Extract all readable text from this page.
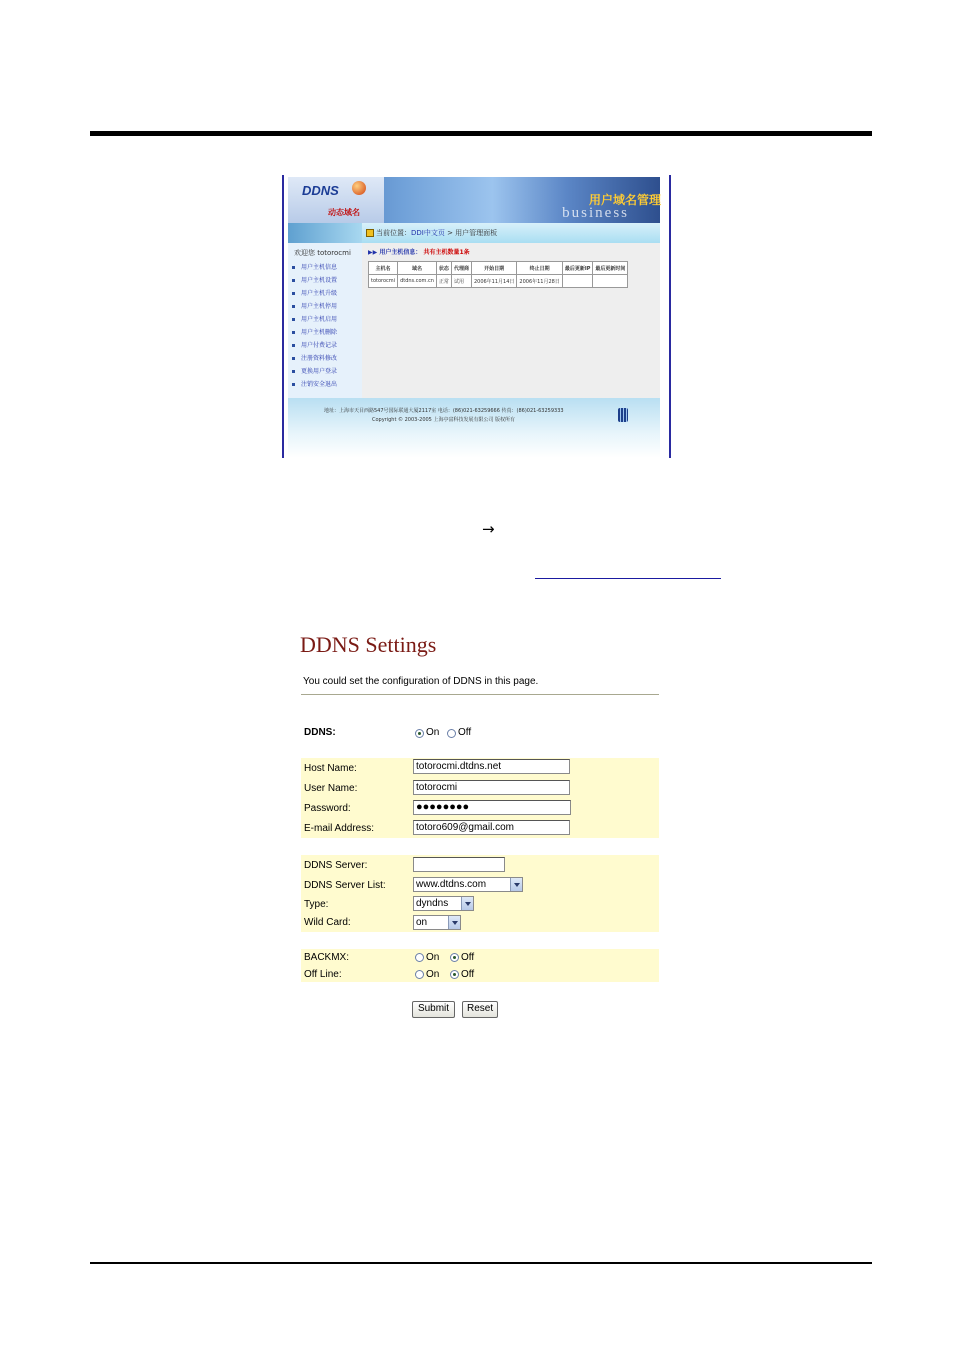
DDNS
动态域名	business
用户域名管理
当前位置：DDI中文页 > 用户管理面板
欢迎您 totorocmi
用户主机信息
用户主机设置
用户主机升级
用户主机停用
用户主机启用
用户主机删除
用户付费记录
注册资料修改
更换用户登录
注销安全退出
▶▶ 用户主机信息： 共有主机数量1条
主机名	域名	状态	代理商	开始日期	终止日期	最后更新IP	最后更新时间
totorocmi	dtdns.com.cn	正常	试用	2006年11月14日	2006年11月28日		
地址：上海市天目西路547号国际联通大厦2117室 电话：(86)021-63259666 传真：(86)021-63259333
Copyright © 2003-2005 上海亭富科技发展有限公司 版权所有
→
DDNS Settings
You could set the configuration of DDNS in this page.
DDNS:	On Off
Host Name:	totorocmi.dtdns.net
User Name:	totorocmi
Password:	●●●●●●●●
E-mail Address:	totoro609@gmail.com
DDNS Server:
DDNS Server List:	www.dtdns.com
Type:	dyndns
Wild Card:	on
BACKMX:	On Off
Off Line:	On Off
Submit	Reset
